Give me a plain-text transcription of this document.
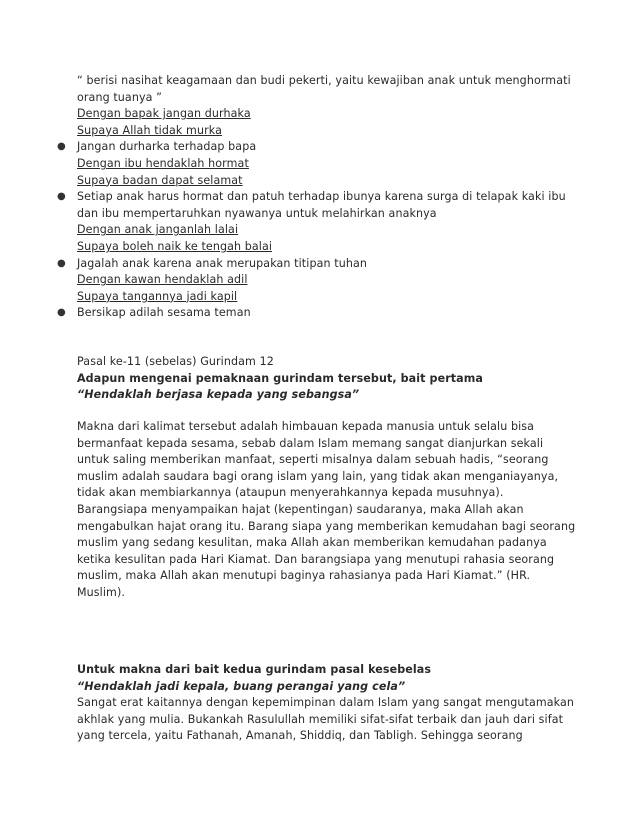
“ berisi nasihat keagamaan dan budi pekerti, yaitu kewajiban anak untuk menghormati
orang tuanya ”
Dengan bapak jangan durhaka
Supaya Allah tidak murka
● Jangan durharka terhadap bapa
Dengan ibu hendaklah hormat
Supaya badan dapat selamat
● Setiap anak harus hormat dan patuh terhadap ibunya karena surga di telapak kaki ibu
dan ibu mempertaruhkan nyawanya untuk melahirkan anaknya
Dengan anak janganlah lalai
Supaya boleh naik ke tengah balai
● Jagalah anak karena anak merupakan titipan tuhan
Dengan kawan hendaklah adil
Supaya tangannya jadi kapil
● Bersikap adilah sesama teman
Pasal ke-11 (sebelas) Gurindam 12
Adapun mengenai pemaknaan gurindam tersebut, bait pertama
“Hendaklah berjasa kepada yang sebangsa”
Makna dari kalimat tersebut adalah himbauan kepada manusia untuk selalu bisa
bermanfaat kepada sesama, sebab dalam Islam memang sangat dianjurkan sekali
untuk saling memberikan manfaat, seperti misalnya dalam sebuah hadis, “seorang
muslim adalah saudara bagi orang islam yang lain, yang tidak akan menganiayanya,
tidak akan membiarkannya (ataupun menyerahkannya kepada musuhnya).
Barangsiapa menyampaikan hajat (kepentingan) saudaranya, maka Allah akan
mengabulkan hajat orang itu. Barang siapa yang memberikan kemudahan bagi seorang
muslim yang sedang kesulitan, maka Allah akan memberikan kemudahan padanya
ketika kesulitan pada Hari Kiamat. Dan barangsiapa yang menutupi rahasia seorang
muslim, maka Allah akan menutupi baginya rahasianya pada Hari Kiamat.” (HR.
Muslim).
Untuk makna dari bait kedua gurindam pasal kesebelas
“Hendaklah jadi kepala, buang perangai yang cela”
Sangat erat kaitannya dengan kepemimpinan dalam Islam yang sangat mengutamakan
akhlak yang mulia. Bukankah Rasulullah memiliki sifat-sifat terbaik dan jauh dari sifat
yang tercela, yaitu Fathanah, Amanah, Shiddiq, dan Tabligh. Sehingga seorang
